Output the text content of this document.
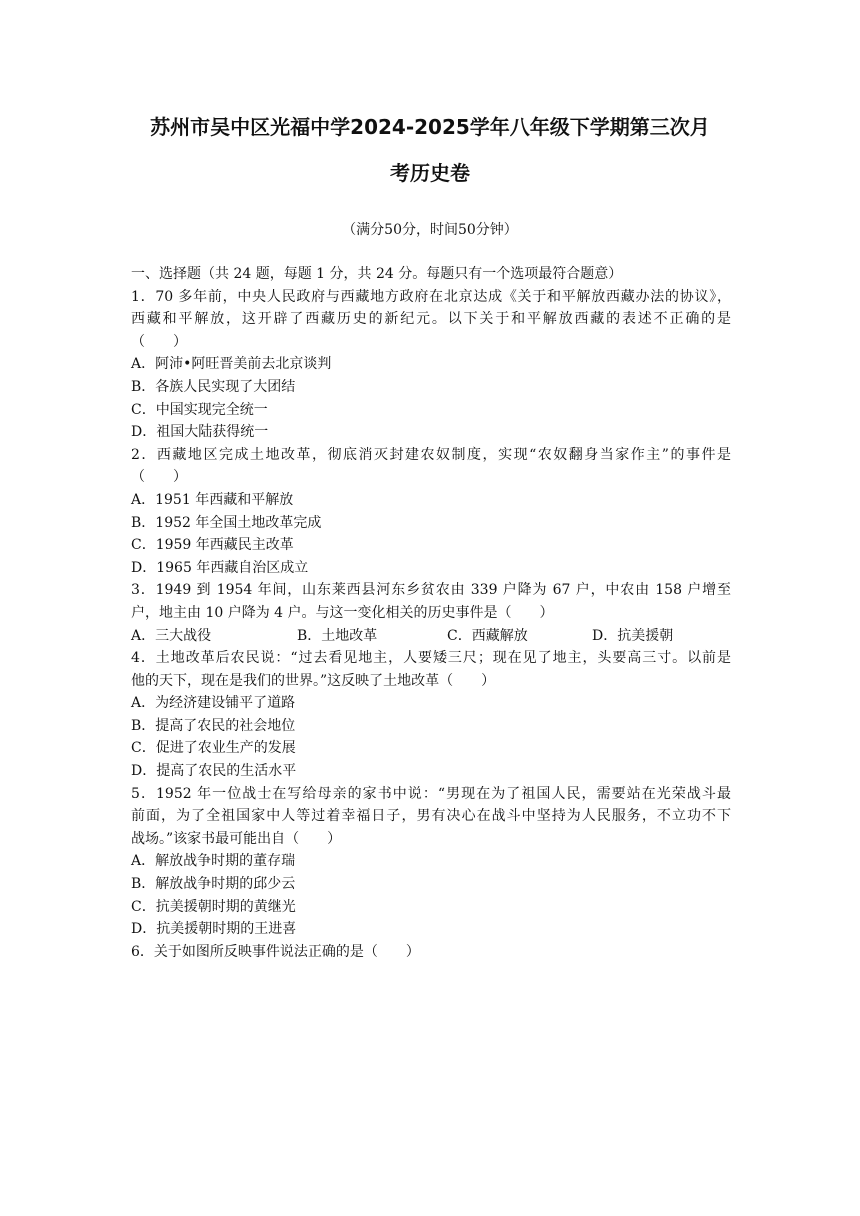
苏州市吴中区光福中学2024-2025学年八年级下学期第三次月
考历史卷
（满分50分，时间50分钟）
一、选择题（共 24 题，每题 1 分，共 24 分。每题只有一个选项最符合题意）
1．70 多年前，中央人民政府与西藏地方政府在北京达成《关于和平解放西藏办法的协议》，
西藏和平解放，这开辟了西藏历史的新纪元。以下关于和平解放西藏的表述不正确的是
（　　）
A．阿沛•阿旺晋美前去北京谈判
B．各族人民实现了大团结
C．中国实现完全统一
D．祖国大陆获得统一
2．西藏地区完成土地改革，彻底消灭封建农奴制度，实现“农奴翻身当家作主”的事件是
（　　）
A．1951 年西藏和平解放
B．1952 年全国土地改革完成
C．1959 年西藏民主改革
D．1965 年西藏自治区成立
3．1949 到 1954 年间，山东莱西县河东乡贫农由 339 户降为 67 户，中农由 158 户增至
户，地主由 10 户降为 4 户。与这一变化相关的历史事件是（　　）
A．三大战役	B．土地改革	C．西藏解放	D．抗美援朝
4．土地改革后农民说：“过去看见地主，人要矮三尺；现在见了地主，头要高三寸。以前是
他的天下，现在是我们的世界。”这反映了土地改革（　　）
A．为经济建设铺平了道路
B．提高了农民的社会地位
C．促进了农业生产的发展
D．提高了农民的生活水平
5．1952 年一位战士在写给母亲的家书中说：“男现在为了祖国人民，需要站在光荣战斗最
前面，为了全祖国家中人等过着幸福日子，男有决心在战斗中坚持为人民服务，不立功不下
战场。”该家书最可能出自（　　）
A．解放战争时期的董存瑞
B．解放战争时期的邱少云
C．抗美援朝时期的黄继光
D．抗美援朝时期的王进喜
6．关于如图所反映事件说法正确的是（　　）
